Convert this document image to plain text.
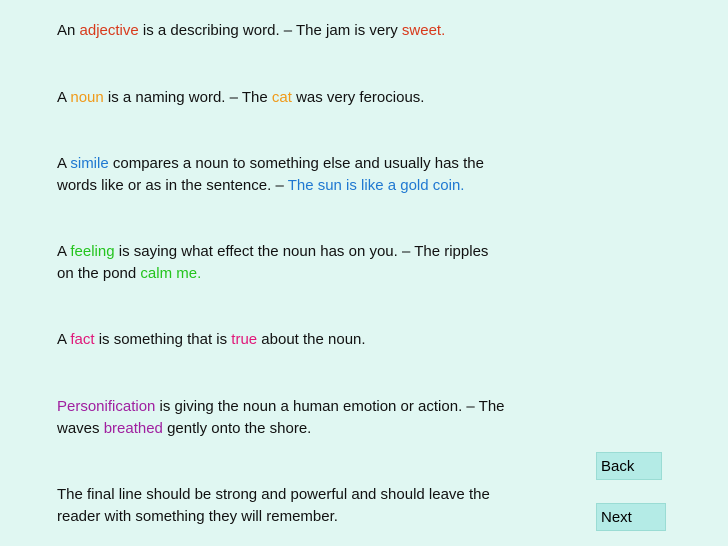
An adjective is a describing word. – The jam is very sweet.

A noun is a naming word. – The cat was very ferocious.

A simile compares a noun to something else and usually has the
words like or as in the sentence. – The sun is like a gold coin.

A feeling is saying what effect the noun has on you. – The ripples
on the pond calm me.

A fact is something that is true about the noun.

Personification is giving the noun a human emotion or action. – The
waves breathed gently onto the shore.

The final line should be strong and powerful and should leave the
reader with something they will remember.

Back
Next
